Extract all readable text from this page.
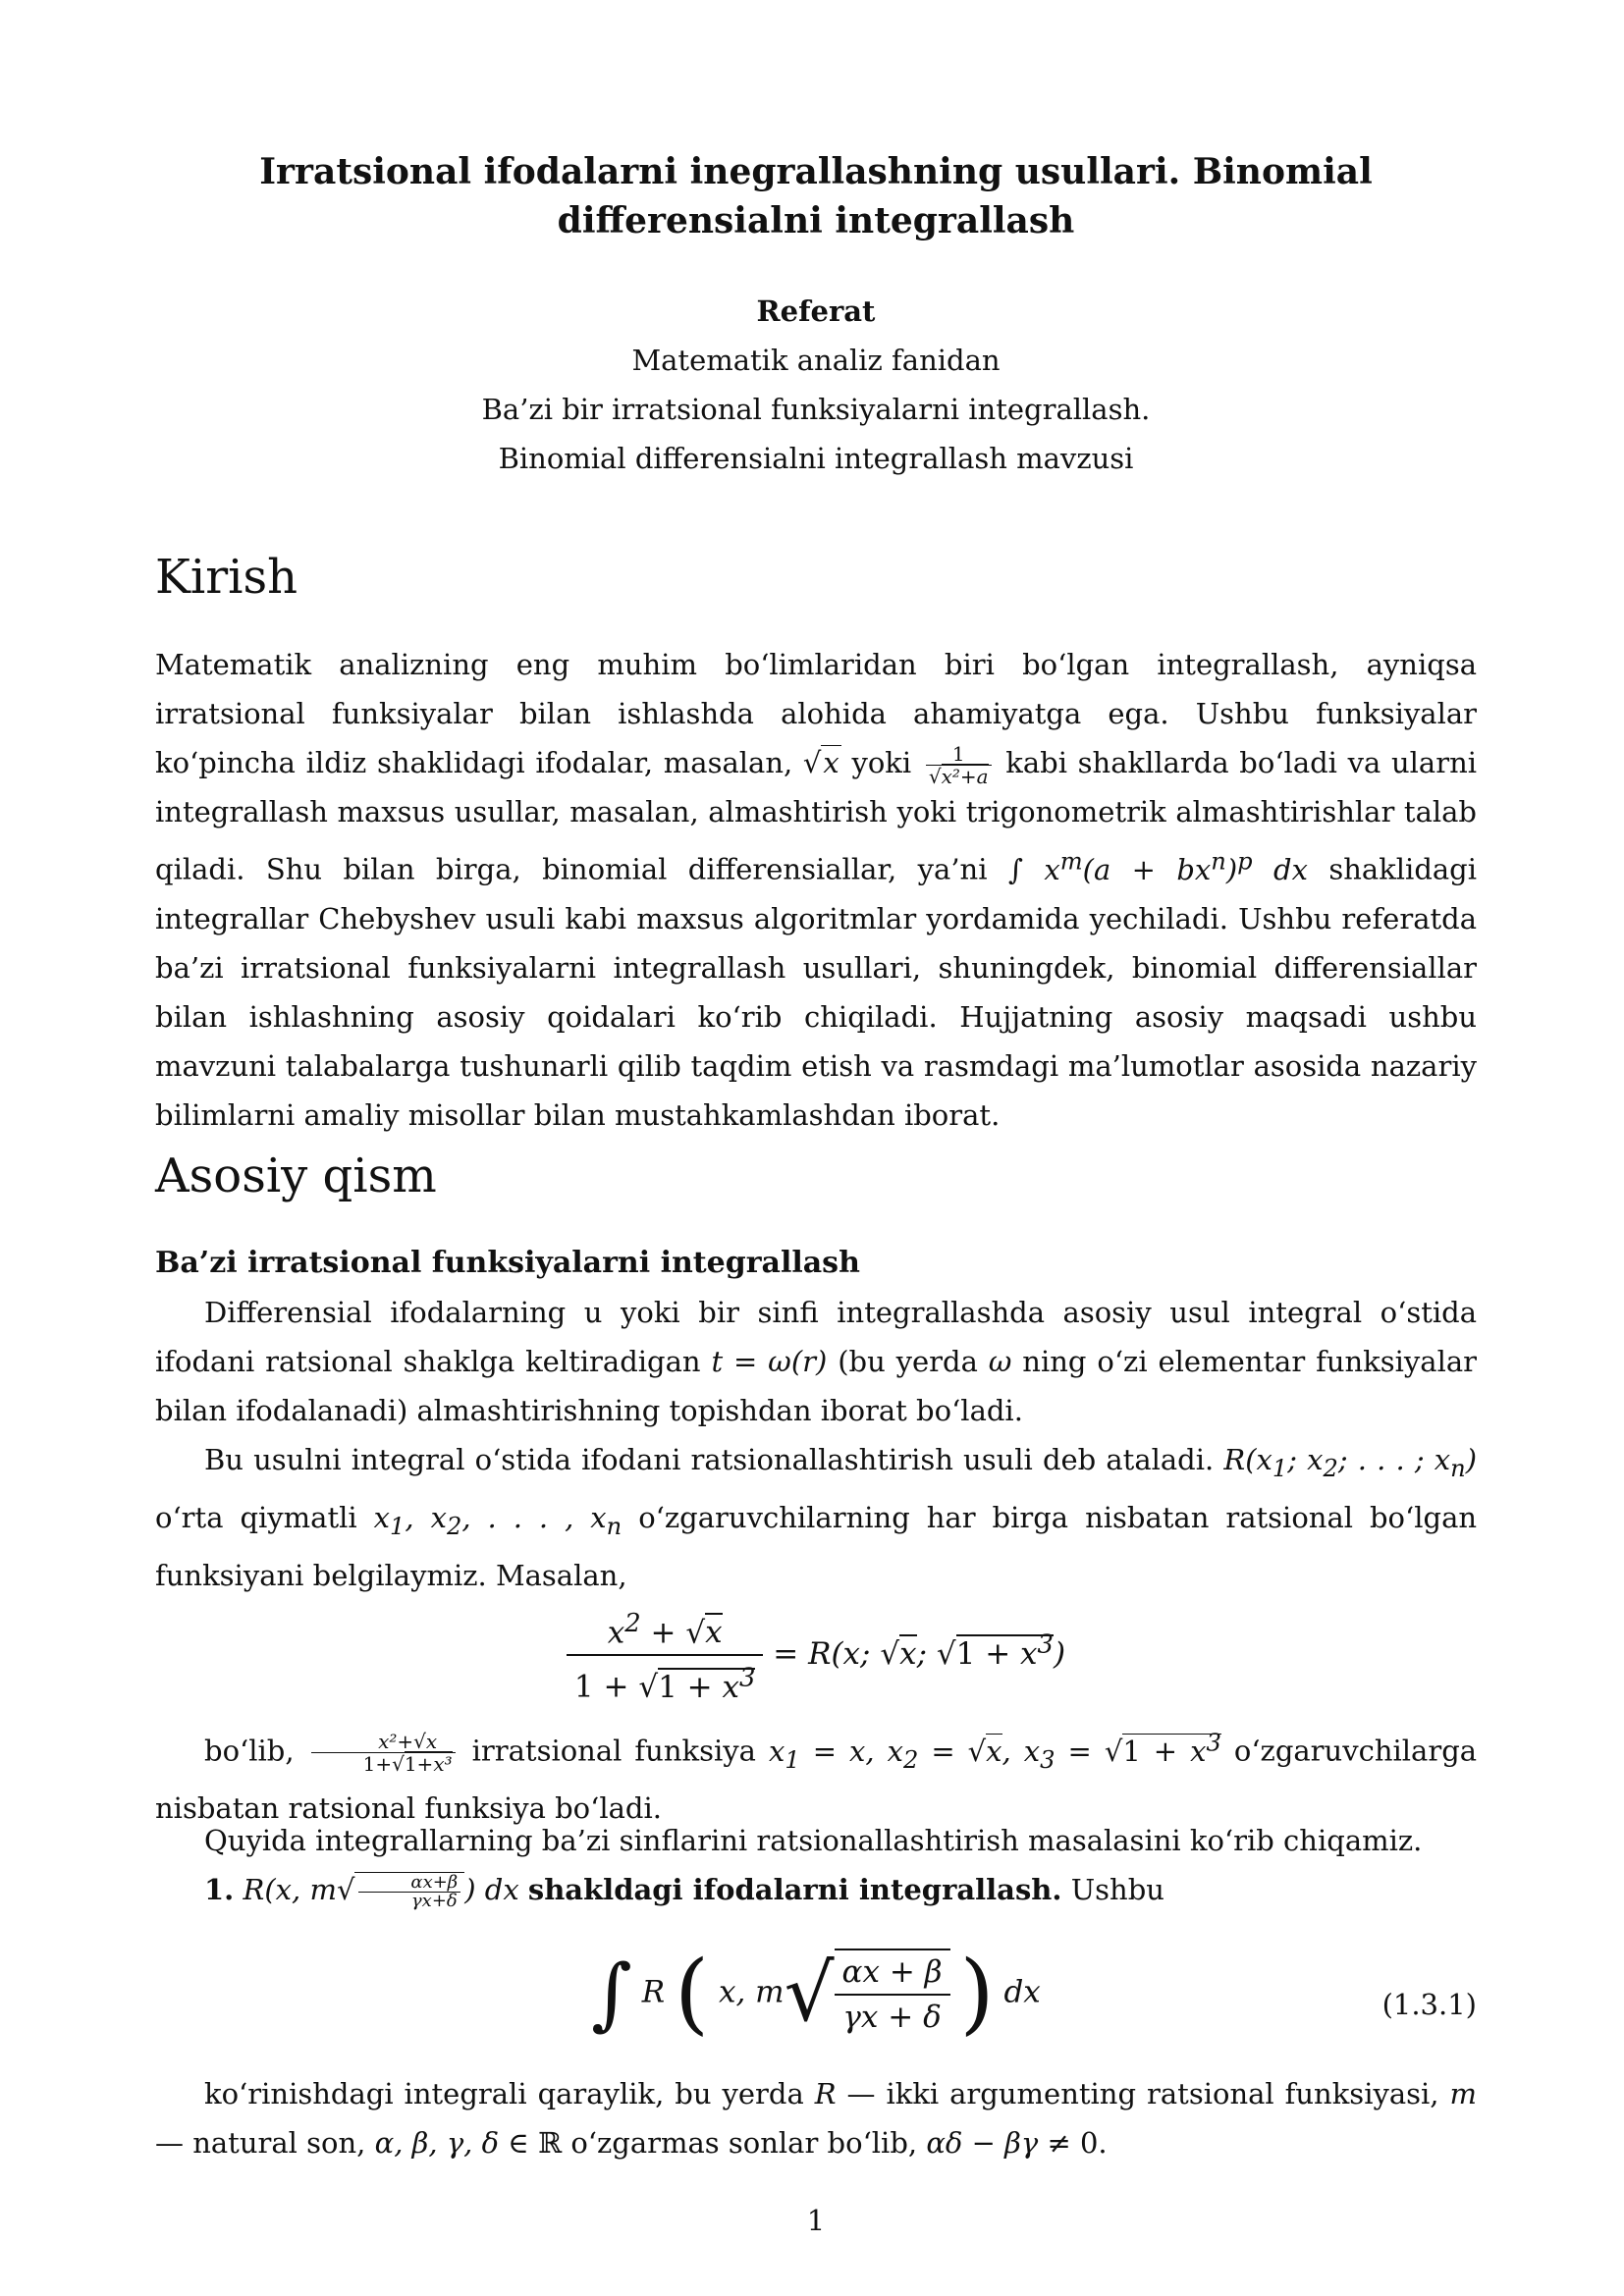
Irratsional ifodalarni inegrallashning usullari. Binomial differensialni integrallash
Referat
Matematik analiz fanidan
Ba’zi bir irratsional funksiyalarni integrallash.
Binomial differensialni integrallash mavzusi
Kirish

Matematik analizning eng muhim bo‘limlaridan biri bo‘lgan integrallash, ayniqsa irratsional funksiyalar bilan ishlashda alohida ahamiyatga ega. Ushbu funksiyalar ko‘pincha ildiz shaklidagi ifodalar, masalan, √x yoki $\frac{1}{\text{√x²+a}}$ kabi shakllarda bo‘ladi va ularni integrallash maxsus usullar, masalan, almashtirish yoki trigonometrik almashtirishlar talab qiladi. Shu bilan birga, binomial differensiallar, ya’ni ∫ $x^m(a + bx^n)^p$ dx shaklidagi integrallar Chebyshev usuli kabi maxsus algoritmlar yordamida yechiladi. Ushbu referatda ba’zi irratsional funksiyalarni integrallash usullari, shuningdek, binomial differensiallar bilan ishlashning asosiy qoidalari ko‘rib chiqiladi. Hujjatning asosiy maqsadi ushbu mavzuni talabalarga tushunarli qilib taqdim etish va rasmdagi ma’lumotlar asosida nazariy bilimlarni amaliy misollar bilan mustahkamlashdan iborat.

Asosiy qism
Ba’zi irratsional funksiyalarni integrallash

Differensial ifodalarning u yoki bir sinfi integrallashda asosiy usul integral o‘stida ifodani ratsional shaklga keltiradigan t = ω(r) (bu yerda ω ning o‘zi elementar funksiyalar bilan ifodalanadi) almashtirishning topishdan iborat bo‘ladi.

Bu usulni integral o‘stida ifodani ratsionallashtirish usuli deb ataladi. $R(x_1$; $x_2$; . . . ; $x_n$) o‘rta qiymatli $x_1$, $x_2$, . . . , $x_n$ o‘zgaruvchilarning har birga nisbatan ratsional bo‘lgan funksiyani belgilaymiz. Masalan,

$\frac{x^2 + √x}{1 + √1 + x^3} = R(x$; √x; $√1 + x^3$)

bo‘lib, $\frac{\text{x²+√x}}{\text{1+√1+x³}}$ irratsional funksiya $x_1 = x$, $x_2 = √x$, $x_3 = √1 + x^3$ o‘zgaruvchilarga nisbatan ratsional funksiya bo‘ladi.

Quyida integrallarning ba’zi sinflarini ratsionallashtirish masalasini ko‘rib chiqamiz.

1. R(x, $m√ \frac{\alpha x+\beta}{\gamma x+\delta}$ ) dx shakldagi ifodalarni integrallash. Ushbu

∫ R ( x, $m√ \frac{\alpha x + \beta}{\gamma x + \delta}$ ) dx	(1.3.1)

ko‘rinishdagi integrali qaraylik, bu yerda R — ikki argumenting ratsional funksiyasi, m — natural son, α, β, γ, δ ∈ ℝ o‘zgarmas sonlar bo‘lib, αδ − βγ ≠ 0.

1
